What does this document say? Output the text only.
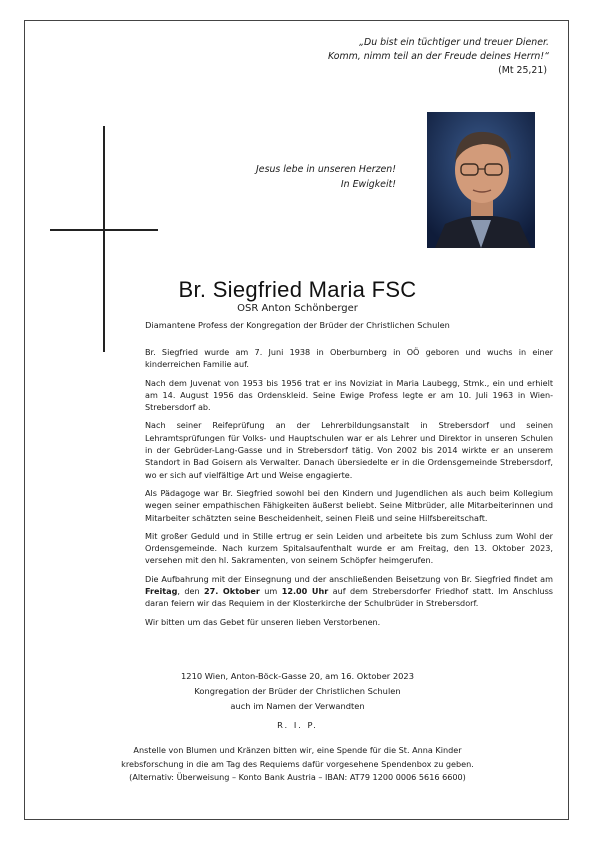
„Du bist ein tüchtiger und treuer Diener.
Komm, nimm teil an der Freude deines Herrn!“
(Mt 25,21)
Jesus lebe in unseren Herzen!
In Ewigkeit!
Br. Siegfried Maria FSC
OSR Anton Schönberger
Diamantene Profess der Kongregation der Brüder der Christlichen Schulen

Br. Siegfried wurde am 7. Juni 1938 in Oberburnberg in OÖ geboren und wuchs in einer kinderreichen Familie auf.

Nach dem Juvenat von 1953 bis 1956 trat er ins Noviziat in Maria Laubegg, Stmk., ein und erhielt am 14. August 1956 das Ordenskleid. Seine Ewige Profess legte er am 10. Juli 1963 in Wien-Strebersdorf ab.

Nach seiner Reifeprüfung an der Lehrerbildungsanstalt in Strebersdorf und seinen Lehramtsprüfungen für Volks- und Hauptschulen war er als Lehrer und Direktor in unseren Schulen in der Gebrüder-Lang-Gasse und in Strebersdorf tätig. Von 2002 bis 2014 wirkte er an unserem Standort in Bad Goisern als Verwalter. Danach übersiedelte er in die Ordensgemeinde Strebersdorf, wo er sich auf vielfältige Art und Weise engagierte.

Als Pädagoge war Br. Siegfried sowohl bei den Kindern und Jugendlichen als auch beim Kollegium wegen seiner empathischen Fähigkeiten äußerst beliebt. Seine Mitbrüder, alle Mitarbeiterinnen und Mitarbeiter schätzten seine Bescheidenheit, seinen Fleiß und seine Hilfsbereitschaft.

Mit großer Geduld und in Stille ertrug er sein Leiden und arbeitete bis zum Schluss zum Wohl der Ordensgemeinde. Nach kurzem Spitalsaufenthalt wurde er am Freitag, den 13. Oktober 2023, versehen mit den hl. Sakramenten, von seinem Schöpfer heimgerufen.

Die Aufbahrung mit der Einsegnung und der anschließenden Beisetzung von Br. Siegfried findet am Freitag, den 27. Oktober um 12.00 Uhr auf dem Strebersdorfer Friedhof statt. Im Anschluss daran feiern wir das Requiem in der Klosterkirche der Schulbrüder in Strebersdorf.

Wir bitten um das Gebet für unseren lieben Verstorbenen.

1210 Wien, Anton-Böck-Gasse 20, am 16. Oktober 2023
Kongregation der Brüder der Christlichen Schulen
auch im Namen der Verwandten
R. I. P.
Anstelle von Blumen und Kränzen bitten wir, eine Spende für die St. Anna Kinder
krebsforschung in die am Tag des Requiems dafür vorgesehene Spendenbox zu geben.
(Alternativ: Überweisung – Konto Bank Austria – IBAN: AT79 1200 0006 5616 6600)
